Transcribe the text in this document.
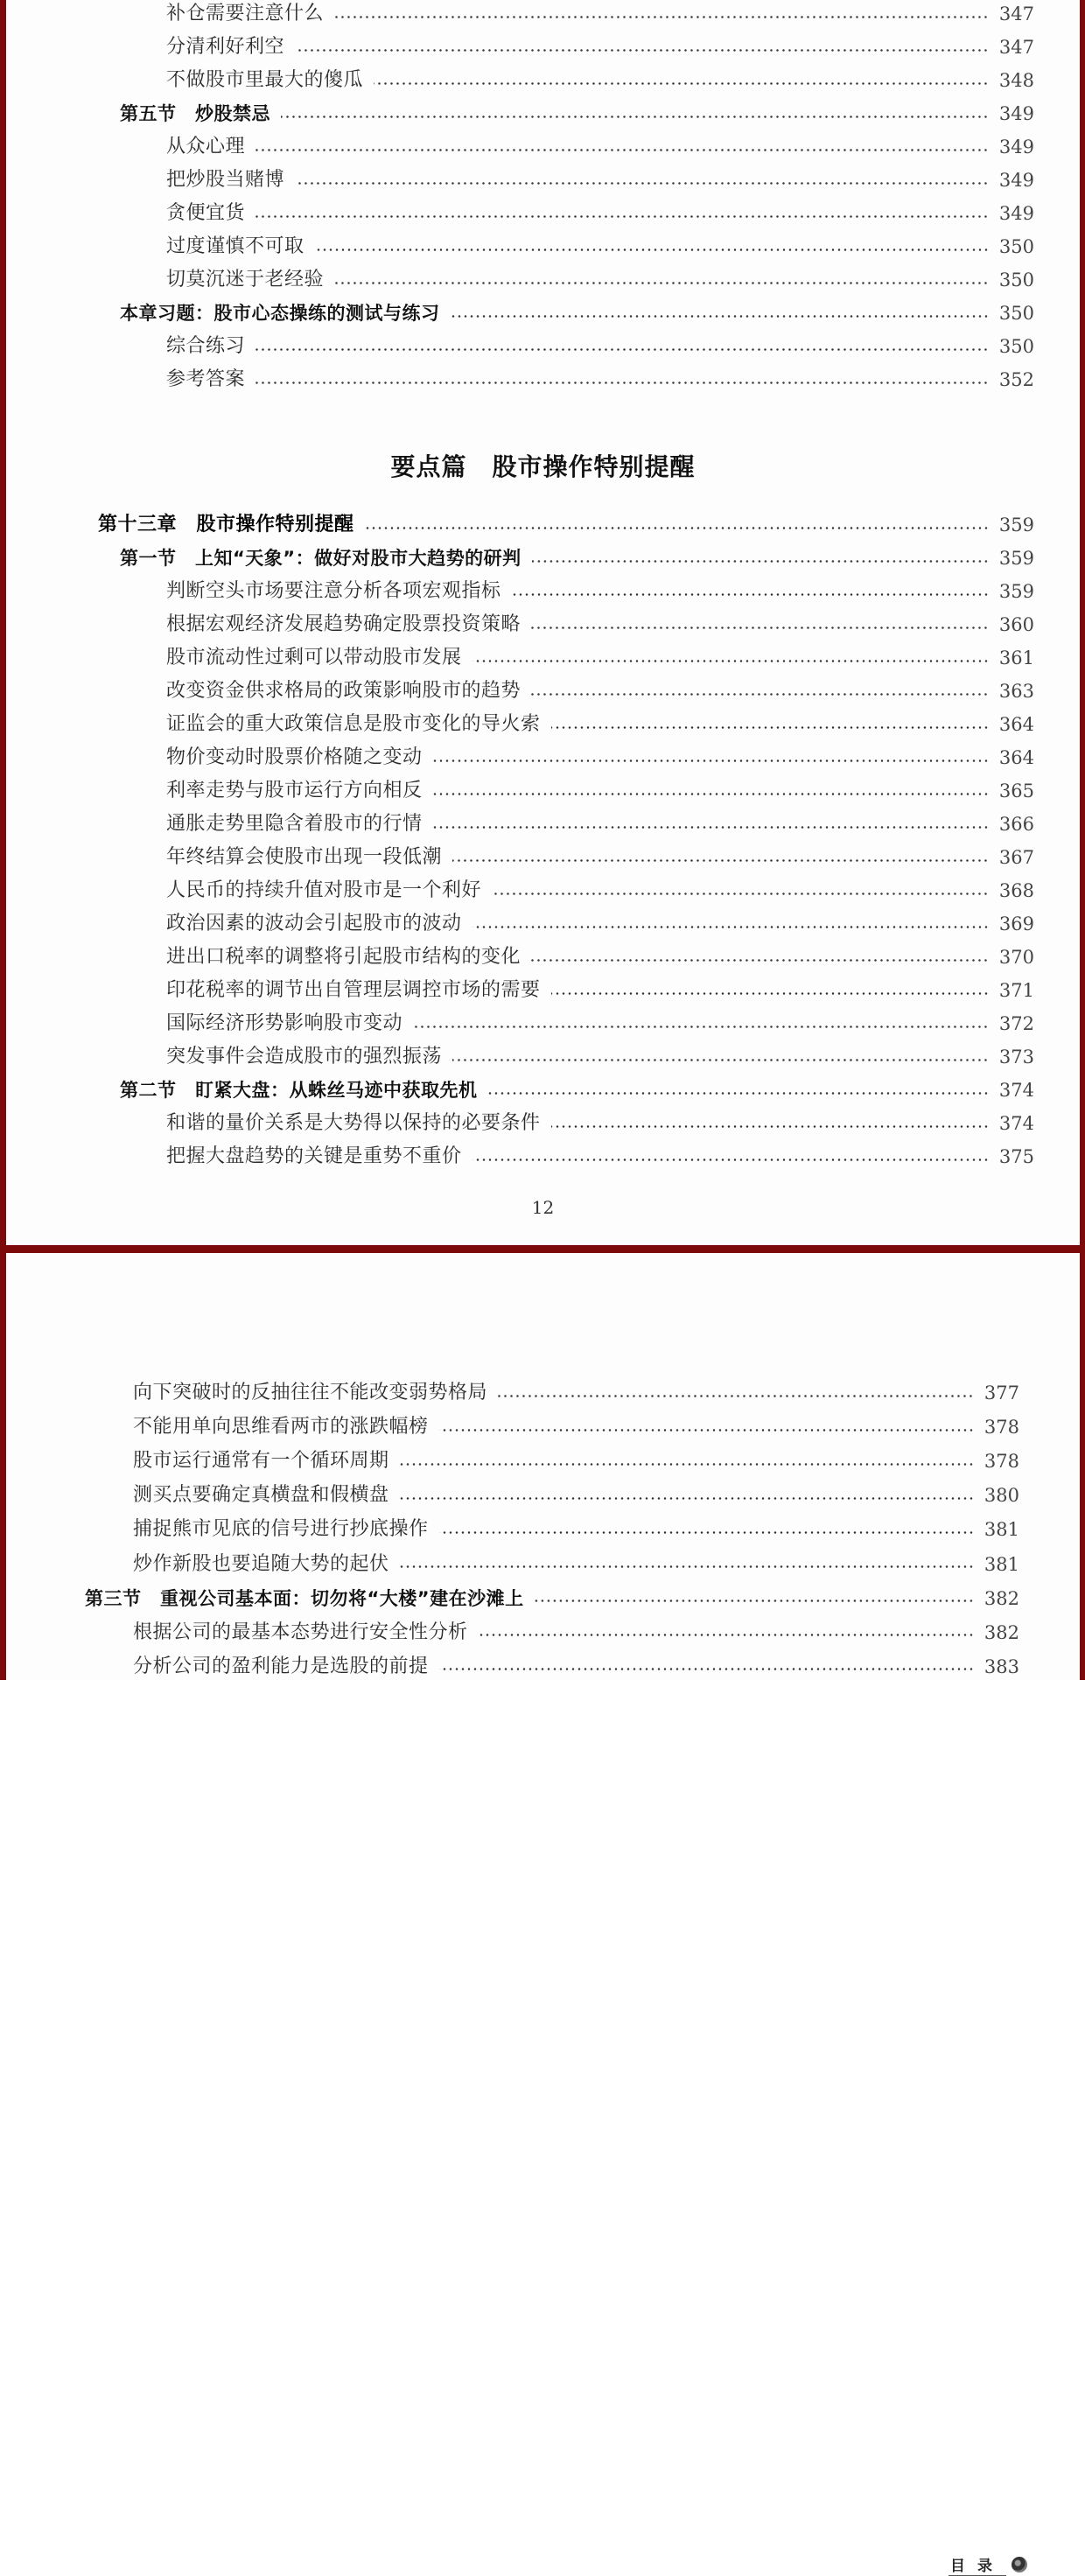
补仓需要注意什么	347
分清利好利空	347
不做股市里最大的傻瓜	348
第五节　炒股禁忌	349
从众心理	349
把炒股当赌博	349
贪便宜货	349
过度谨慎不可取	350
切莫沉迷于老经验	350
本章习题：股市心态操练的测试与练习	350
综合练习	350
参考答案	352
要点篇　股市操作特别提醒
第十三章　股市操作特别提醒	359
第一节　上知“天象”：做好对股市大趋势的研判	359
判断空头市场要注意分析各项宏观指标	359
根据宏观经济发展趋势确定股票投资策略	360
股市流动性过剩可以带动股市发展	361
改变资金供求格局的政策影响股市的趋势	363
证监会的重大政策信息是股市变化的导火索	364
物价变动时股票价格随之变动	364
利率走势与股市运行方向相反	365
通胀走势里隐含着股市的行情	366
年终结算会使股市出现一段低潮	367
人民币的持续升值对股市是一个利好	368
政治因素的波动会引起股市的波动	369
进出口税率的调整将引起股市结构的变化	370
印花税率的调节出自管理层调控市场的需要	371
国际经济形势影响股市变动	372
突发事件会造成股市的强烈振荡	373
第二节　盯紧大盘：从蛛丝马迹中获取先机	374
和谐的量价关系是大势得以保持的必要条件	374
把握大盘趋势的关键是重势不重价	375
12
目录
向下突破时的反抽往往不能改变弱势格局	377
不能用单向思维看两市的涨跌幅榜	378
股市运行通常有一个循环周期	378
测买点要确定真横盘和假横盘	380
捕捉熊市见底的信号进行抄底操作	381
炒作新股也要追随大势的起伏	381
第三节　重视公司基本面：切勿将“大楼”建在沙滩上	382
根据公司的最基本态势进行安全性分析	382
分析公司的盈利能力是选股的前提	383
